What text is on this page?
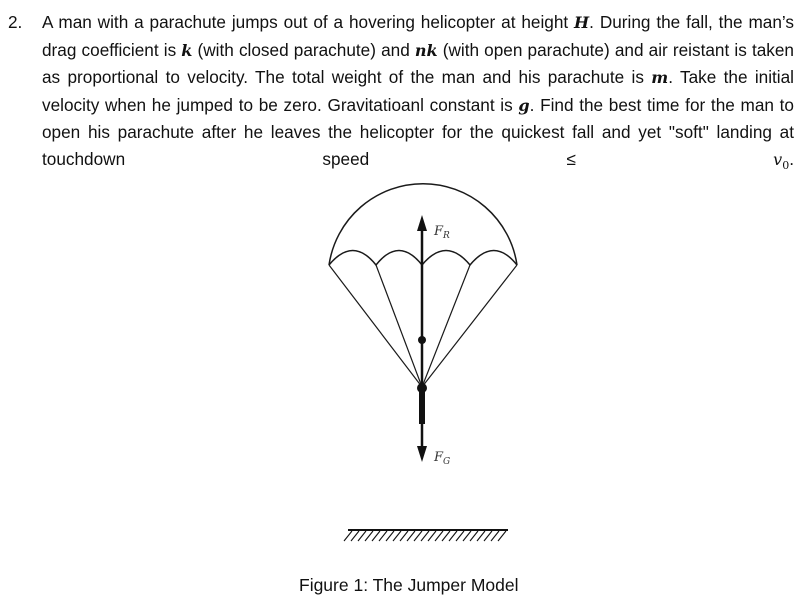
2. A man with a parachute jumps out of a hovering helicopter at height H. During the fall, the man’s drag coefficient is k (with closed parachute) and nk (with open parachute) and air reistant is taken as proportional to velocity. The total weight of the man and his parachute is m. Take the initial velocity when he jumped to be zero. Gravitatioanl constant is g. Find the best time for the man to open his parachute after he leaves the helicopter for the quickest fall and yet "soft" landing at touchdown speed ≤ $v_0$.
$F_R$
$F_G$
Figure 1: The Jumper Model
